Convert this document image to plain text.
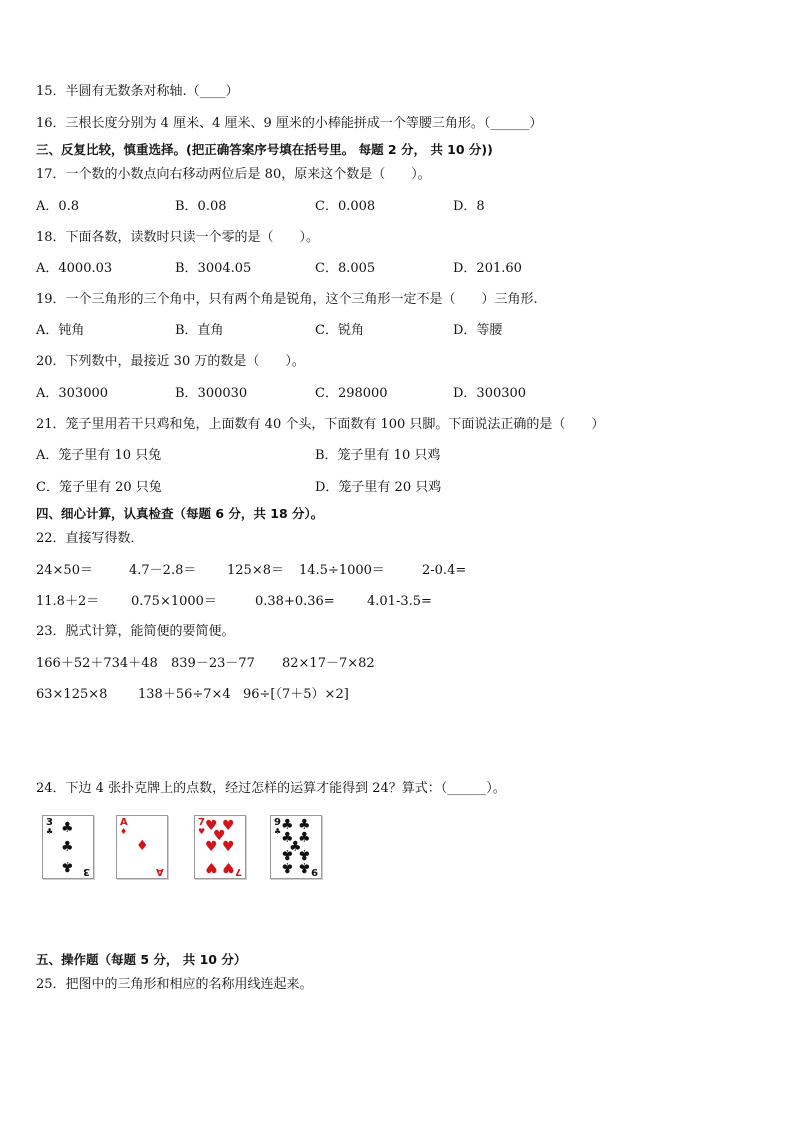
15．半圆有无数条对称轴.（____）
16．三根长度分别为 4 厘米、4 厘米、9 厘米的小棒能拼成一个等腰三角形。（______）
三、反复比较，慎重选择。(把正确答案序号填在括号里。 每题 2 分， 共 10 分))
17．一个数的小数点向右移动两位后是 80，原来这个数是（　　）。
A．0.8	B．0.08	C．0.008	D．8
18．下面各数，读数时只读一个零的是（　　）。
A．4000.03	B．3004.05	C．8.005	D．201.60
19．一个三角形的三个角中，只有两个角是锐角，这个三角形一定不是（　　）三角形.
A．钝角	B．直角	C．锐角	D．等腰
20．下列数中，最接近 30 万的数是（　　）。
A．303000	B．300030	C．298000	D．300300
21．笼子里用若干只鸡和兔，上面数有 40 个头，下面数有 100 只脚。下面说法正确的是（　　）
A．笼子里有 10 只兔	B．笼子里有 10 只鸡
C．笼子里有 20 只兔	D．笼子里有 20 只鸡
四、细心计算，认真检查（每题 6 分，共 18 分）。
22．直接写得数．
24×50＝	4.7－2.8＝ 125×8＝ 14.5÷1000＝	2-0.4=
11.8＋2＝ 0.75×1000＝	0.38+0.36= 4.01-3.5=
23．脱式计算，能简便的要简便。
166＋52＋734＋48 839－23－77 82×17－7×82
63×125×8 138＋56÷7×4 96÷[（7＋5）×2]
24．下边 4 张扑克牌上的点数，经过怎样的运算才能得到 24？算式：（______）。
3
♣ ♣
♣
♣ 3
A
♦
♦
A
7
♥ ♥ ♥
♥
♥ ♥
♥ ♥ 7
9
♣ ♣ ♣
♣ ♣
♣
♣ ♣
♣ ♣ 9
五、操作题（每题 5 分， 共 10 分）
25．把图中的三角形和相应的名称用线连起来。
